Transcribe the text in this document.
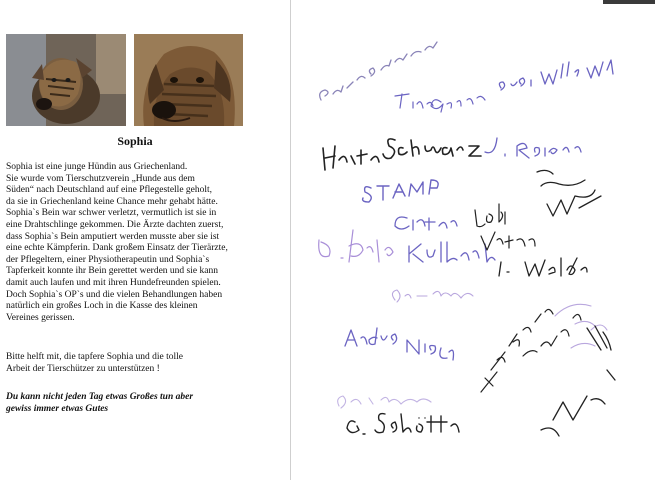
Sophia

Sophia ist eine junge Hündin aus Griechenland.
Sie wurde vom Tierschutzverein „Hunde aus dem
Süden“ nach Deutschland auf eine Pflegestelle geholt,
da sie in Griechenland keine Chance mehr gehabt hätte.
Sophia`s Bein war schwer verletzt, vermutlich ist sie in
eine Drahtschlinge gekommen. Die Ärzte dachten zuerst,
dass Sophia`s Bein amputiert werden musste aber sie ist
eine echte Kämpferin. Dank großem Einsatz der Tierärzte,
der Pflegeltern, einer Physiotherapeutin und Sophia`s
Tapferkeit konnte ihr Bein gerettet werden und sie kann
damit auch laufen und mit ihren Hundefreunden spielen.
Doch Sophia`s OP`s und die vielen Behandlungen haben
natürlich ein großes Loch in die Kasse des kleinen
Vereines gerissen.

Bitte helft mit, die tapfere Sophia und die tolle
Arbeit der Tierschützer zu unterstützen !
Du kann nicht jeden Tag etwas Großes tun aber
gewiss immer etwas Gutes
